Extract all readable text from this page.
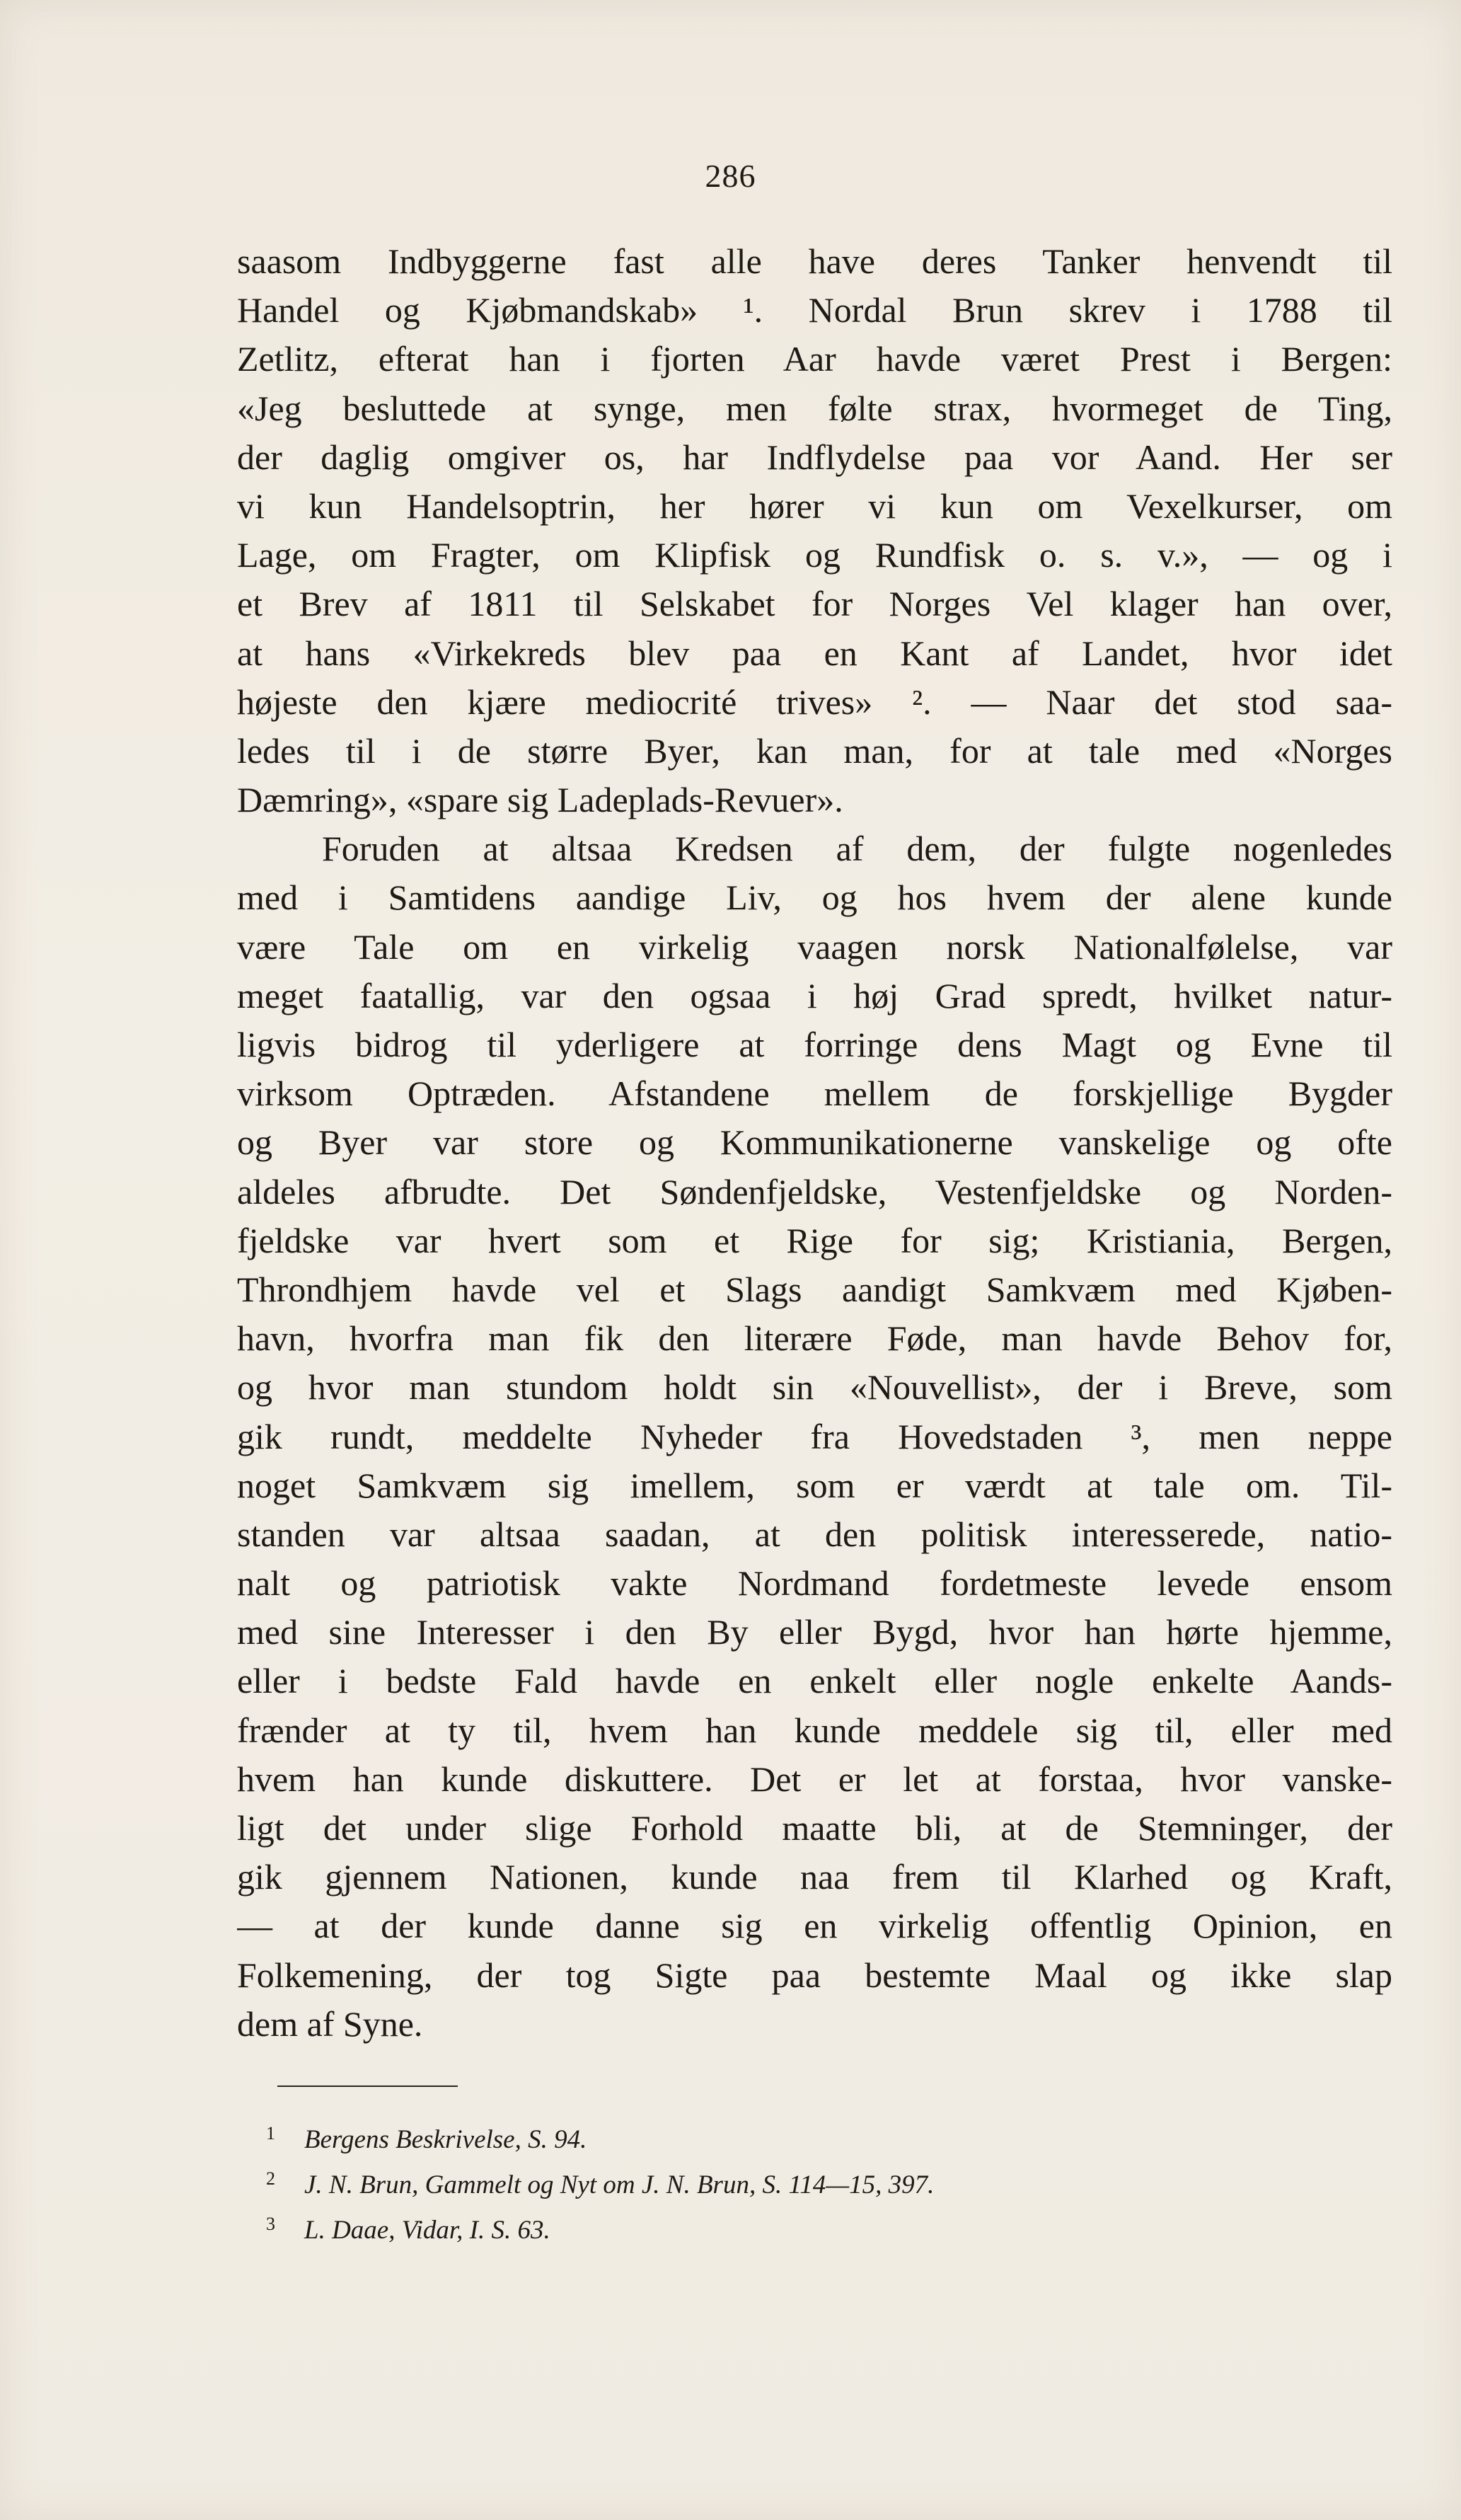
286
saasom Indbyggerne fast alle have deres Tanker henvendt til
Handel og Kjøbmandskab» ¹. Nordal Brun skrev i 1788 til
Zetlitz, efterat han i fjorten Aar havde været Prest i Bergen:
«Jeg besluttede at synge, men følte strax, hvormeget de Ting,
der daglig omgiver os, har Indflydelse paa vor Aand. Her ser
vi kun Handelsoptrin, her hører vi kun om Vexelkurser, om
Lage, om Fragter, om Klipfisk og Rundfisk o. s. v.», — og i
et Brev af 1811 til Selskabet for Norges Vel klager han over,
at hans «Virkekreds blev paa en Kant af Landet, hvor idet
højeste den kjære mediocrité trives» ². — Naar det stod saa-
ledes til i de større Byer, kan man, for at tale med «Norges
Dæmring», «spare sig Ladeplads-Revuer».
Foruden at altsaa Kredsen af dem, der fulgte nogenledes
med i Samtidens aandige Liv, og hos hvem der alene kunde
være Tale om en virkelig vaagen norsk Nationalfølelse, var
meget faatallig, var den ogsaa i høj Grad spredt, hvilket natur-
ligvis bidrog til yderligere at forringe dens Magt og Evne til
virksom Optræden. Afstandene mellem de forskjellige Bygder
og Byer var store og Kommunikationerne vanskelige og ofte
aldeles afbrudte. Det Søndenfjeldske, Vestenfjeldske og Norden-
fjeldske var hvert som et Rige for sig; Kristiania, Bergen,
Throndhjem havde vel et Slags aandigt Samkvæm med Kjøben-
havn, hvorfra man fik den literære Føde, man havde Behov for,
og hvor man stundom holdt sin «Nouvellist», der i Breve, som
gik rundt, meddelte Nyheder fra Hovedstaden ³, men neppe
noget Samkvæm sig imellem, som er værdt at tale om. Til-
standen var altsaa saadan, at den politisk interesserede, natio-
nalt og patriotisk vakte Nordmand fordetmeste levede ensom
med sine Interesser i den By eller Bygd, hvor han hørte hjemme,
eller i bedste Fald havde en enkelt eller nogle enkelte Aands-
frænder at ty til, hvem han kunde meddele sig til, eller med
hvem han kunde diskuttere. Det er let at forstaa, hvor vanske-
ligt det under slige Forhold maatte bli, at de Stemninger, der
gik gjennem Nationen, kunde naa frem til Klarhed og Kraft,
— at der kunde danne sig en virkelig offentlig Opinion, en
Folkemening, der tog Sigte paa bestemte Maal og ikke slap
dem af Syne.
1 Bergens Beskrivelse, S. 94.
2 J. N. Brun, Gammelt og Nyt om J. N. Brun, S. 114—15, 397.
3 L. Daae, Vidar, I. S. 63.
